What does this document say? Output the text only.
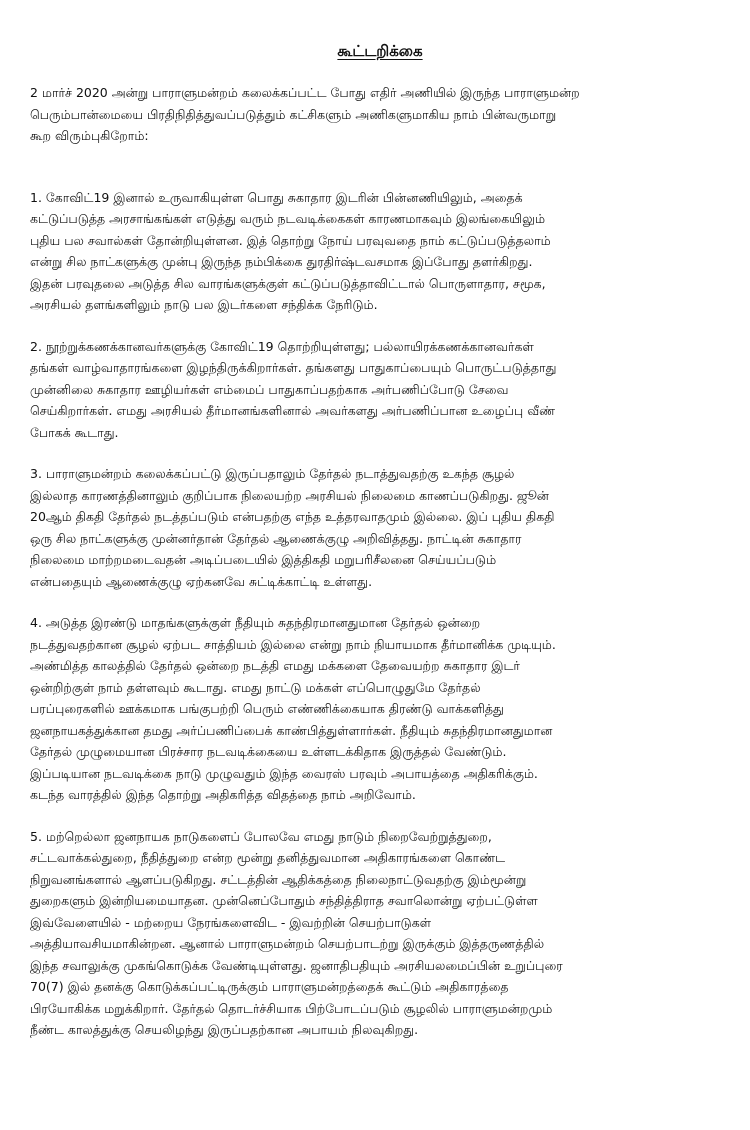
கூட்டறிக்கை
2 மார்ச் 2020 அன்று பாராளுமன்றம் கலைக்கப்பட்ட போது எதிர் அணியில் இருந்த பாராளுமன்ற
பெரும்பான்மையை பிரதிநிதித்துவப்படுத்தும் கட்சிகளும் அணிகளுமாகிய நாம் பின்வருமாறு
கூற விரும்புகிறோம்:
1. கோவிட்19 இனால் உருவாகியுள்ள பொது சுகாதார இடரின் பின்னணியிலும், அதைக்
கட்டுப்படுத்த அரசாங்கங்கள் எடுத்து வரும் நடவடிக்கைகள் காரணமாகவும் இலங்கையிலும்
புதிய பல சவால்கள் தோன்றியுள்ளன. இத் தொற்று நோய் பரவுவதை நாம் கட்டுப்படுத்தலாம்
என்று சில நாட்களுக்கு முன்பு இருந்த நம்பிக்கை துரதிர்ஷ்டவசமாக இப்போது தளர்கிறது.
இதன் பரவுதலை அடுத்த சில வாரங்களுக்குள் கட்டுப்படுத்தாவிட்டால் பொருளாதார, சமூக,
அரசியல் தளங்களிலும் நாடு பல இடர்களை சந்திக்க நேரிடும்.
2. நூற்றுக்கணக்கானவர்களுக்கு கோவிட்19 தொற்றியுள்ளது; பல்லாயிரக்கணக்கானவர்கள்
தங்கள் வாழ்வாதாரங்களை இழந்திருக்கிறார்கள். தங்களது பாதுகாப்பையும் பொருட்படுத்தாது
முன்னிலை சுகாதார ஊழியர்கள் எம்மைப் பாதுகாப்பதற்காக அர்பணிப்போடு சேவை
செய்கிறார்கள். எமது அரசியல் தீர்மானங்களினால் அவர்களது அர்பணிப்பான உழைப்பு வீண்
போகக் கூடாது.
3. பாராளுமன்றம் கலைக்கப்பட்டு இருப்பதாலும் தேர்தல் நடாத்துவதற்கு உகந்த சூழல்
இல்லாத காரணத்தினாலும் குறிப்பாக நிலையற்ற அரசியல் நிலைமை காணப்படுகிறது. ஜூன்
20ஆம் திகதி தேர்தல் நடத்தப்படும் என்பதற்கு எந்த உத்தரவாதமும் இல்லை. இப் புதிய திகதி
ஒரு சில நாட்களுக்கு முன்னர்தான் தேர்தல் ஆணைக்குழு அறிவித்தது. நாட்டின் சுகாதார
நிலைமை மாற்றமடைவதன் அடிப்படையில் இத்திகதி மறுபரிசீலனை செய்யப்படும்
என்பதையும் ஆணைக்குழு ஏற்கனவே சுட்டிக்காட்டி உள்ளது.
4. அடுத்த இரண்டு மாதங்களுக்குள் நீதியும் சுதந்திரமானதுமான தேர்தல் ஒன்றை
நடத்துவதற்கான சூழல் ஏற்பட சாத்தியம் இல்லை என்று நாம் நியாயமாக தீர்மானிக்க முடியும்.
அண்மித்த காலத்தில் தேர்தல் ஒன்றை நடத்தி எமது மக்களை தேவையற்ற சுகாதார இடர்
ஒன்றிற்குள் நாம் தள்ளவும் கூடாது. எமது நாட்டு மக்கள் எப்பொழுதுமே தேர்தல்
பரப்புரைகளில் ஊக்கமாக பங்குபற்றி பெரும் எண்ணிக்கையாக திரண்டு வாக்களித்து
ஜனநாயகத்துக்கான தமது அர்ப்பணிப்பைக் காண்பித்துள்ளார்கள். நீதியும் சுதந்திரமானதுமான
தேர்தல் முழுமையான பிரச்சார நடவடிக்கையை உள்ளடக்கிதாக இருத்தல் வேண்டும்.
இப்படியான நடவடிக்கை நாடு முழுவதும் இந்த வைரஸ் பரவும் அபாயத்தை அதிகரிக்கும்.
கடந்த வாரத்தில் இந்த தொற்று அதிகரித்த விதத்தை நாம் அறிவோம்.
5. மற்றெல்லா ஜனநாயக நாடுகளைப் போலவே எமது நாடும் நிறைவேற்றுத்துறை,
சட்டவாக்கல்துறை, நீதித்துறை என்ற மூன்று தனித்துவமான அதிகாரங்களை கொண்ட
நிறுவனங்களால் ஆளப்படுகிறது. சட்டத்தின் ஆதிக்கத்தை நிலைநாட்டுவதற்கு இம்மூன்று
துறைகளும் இன்றியமையாதன. முன்னெப்போதும் சந்தித்திராத சவாலொன்று ஏற்பட்டுள்ள
இவ்வேளையில் - மற்றைய நேரங்களைவிட - இவற்றின் செயற்பாடுகள்
அத்தியாவசியமாகின்றன. ஆனால் பாராளுமன்றம் செயற்பாடற்று இருக்கும் இத்தருணத்தில்
இந்த சவாலுக்கு முகங்கொடுக்க வேண்டியுள்ளது. ஜனாதிபதியும் அரசியலமைப்பின் உறுப்புரை
70(7) இல் தனக்கு கொடுக்கப்பட்டிருக்கும் பாராளுமன்றத்தைக் கூட்டும் அதிகாரத்தை
பிரயோகிக்க மறுக்கிறார். தேர்தல் தொடர்ச்சியாக பிற்போடப்படும் சூழலில் பாராளுமன்றமும்
நீண்ட காலத்துக்கு செயலிழந்து இருப்பதற்கான அபாயம் நிலவுகிறது.
